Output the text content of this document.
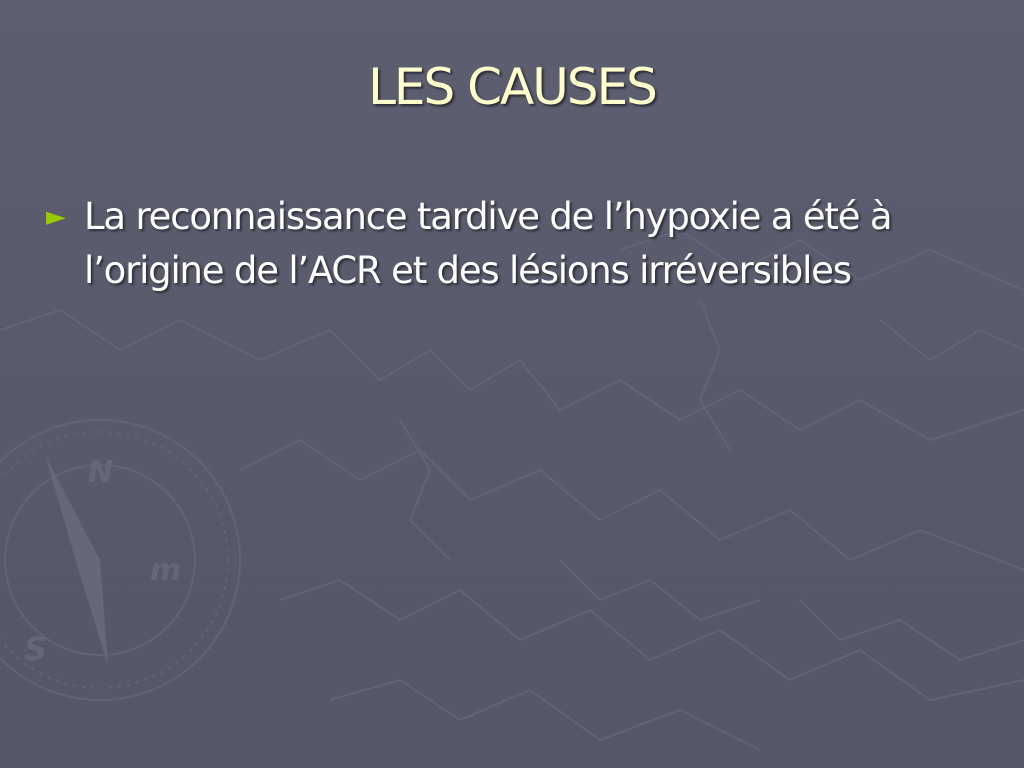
N
S
m
LES CAUSES
► La reconnaissance tardive de l’hypoxie a été à l’origine de l’ACR et des lésions irréversibles
